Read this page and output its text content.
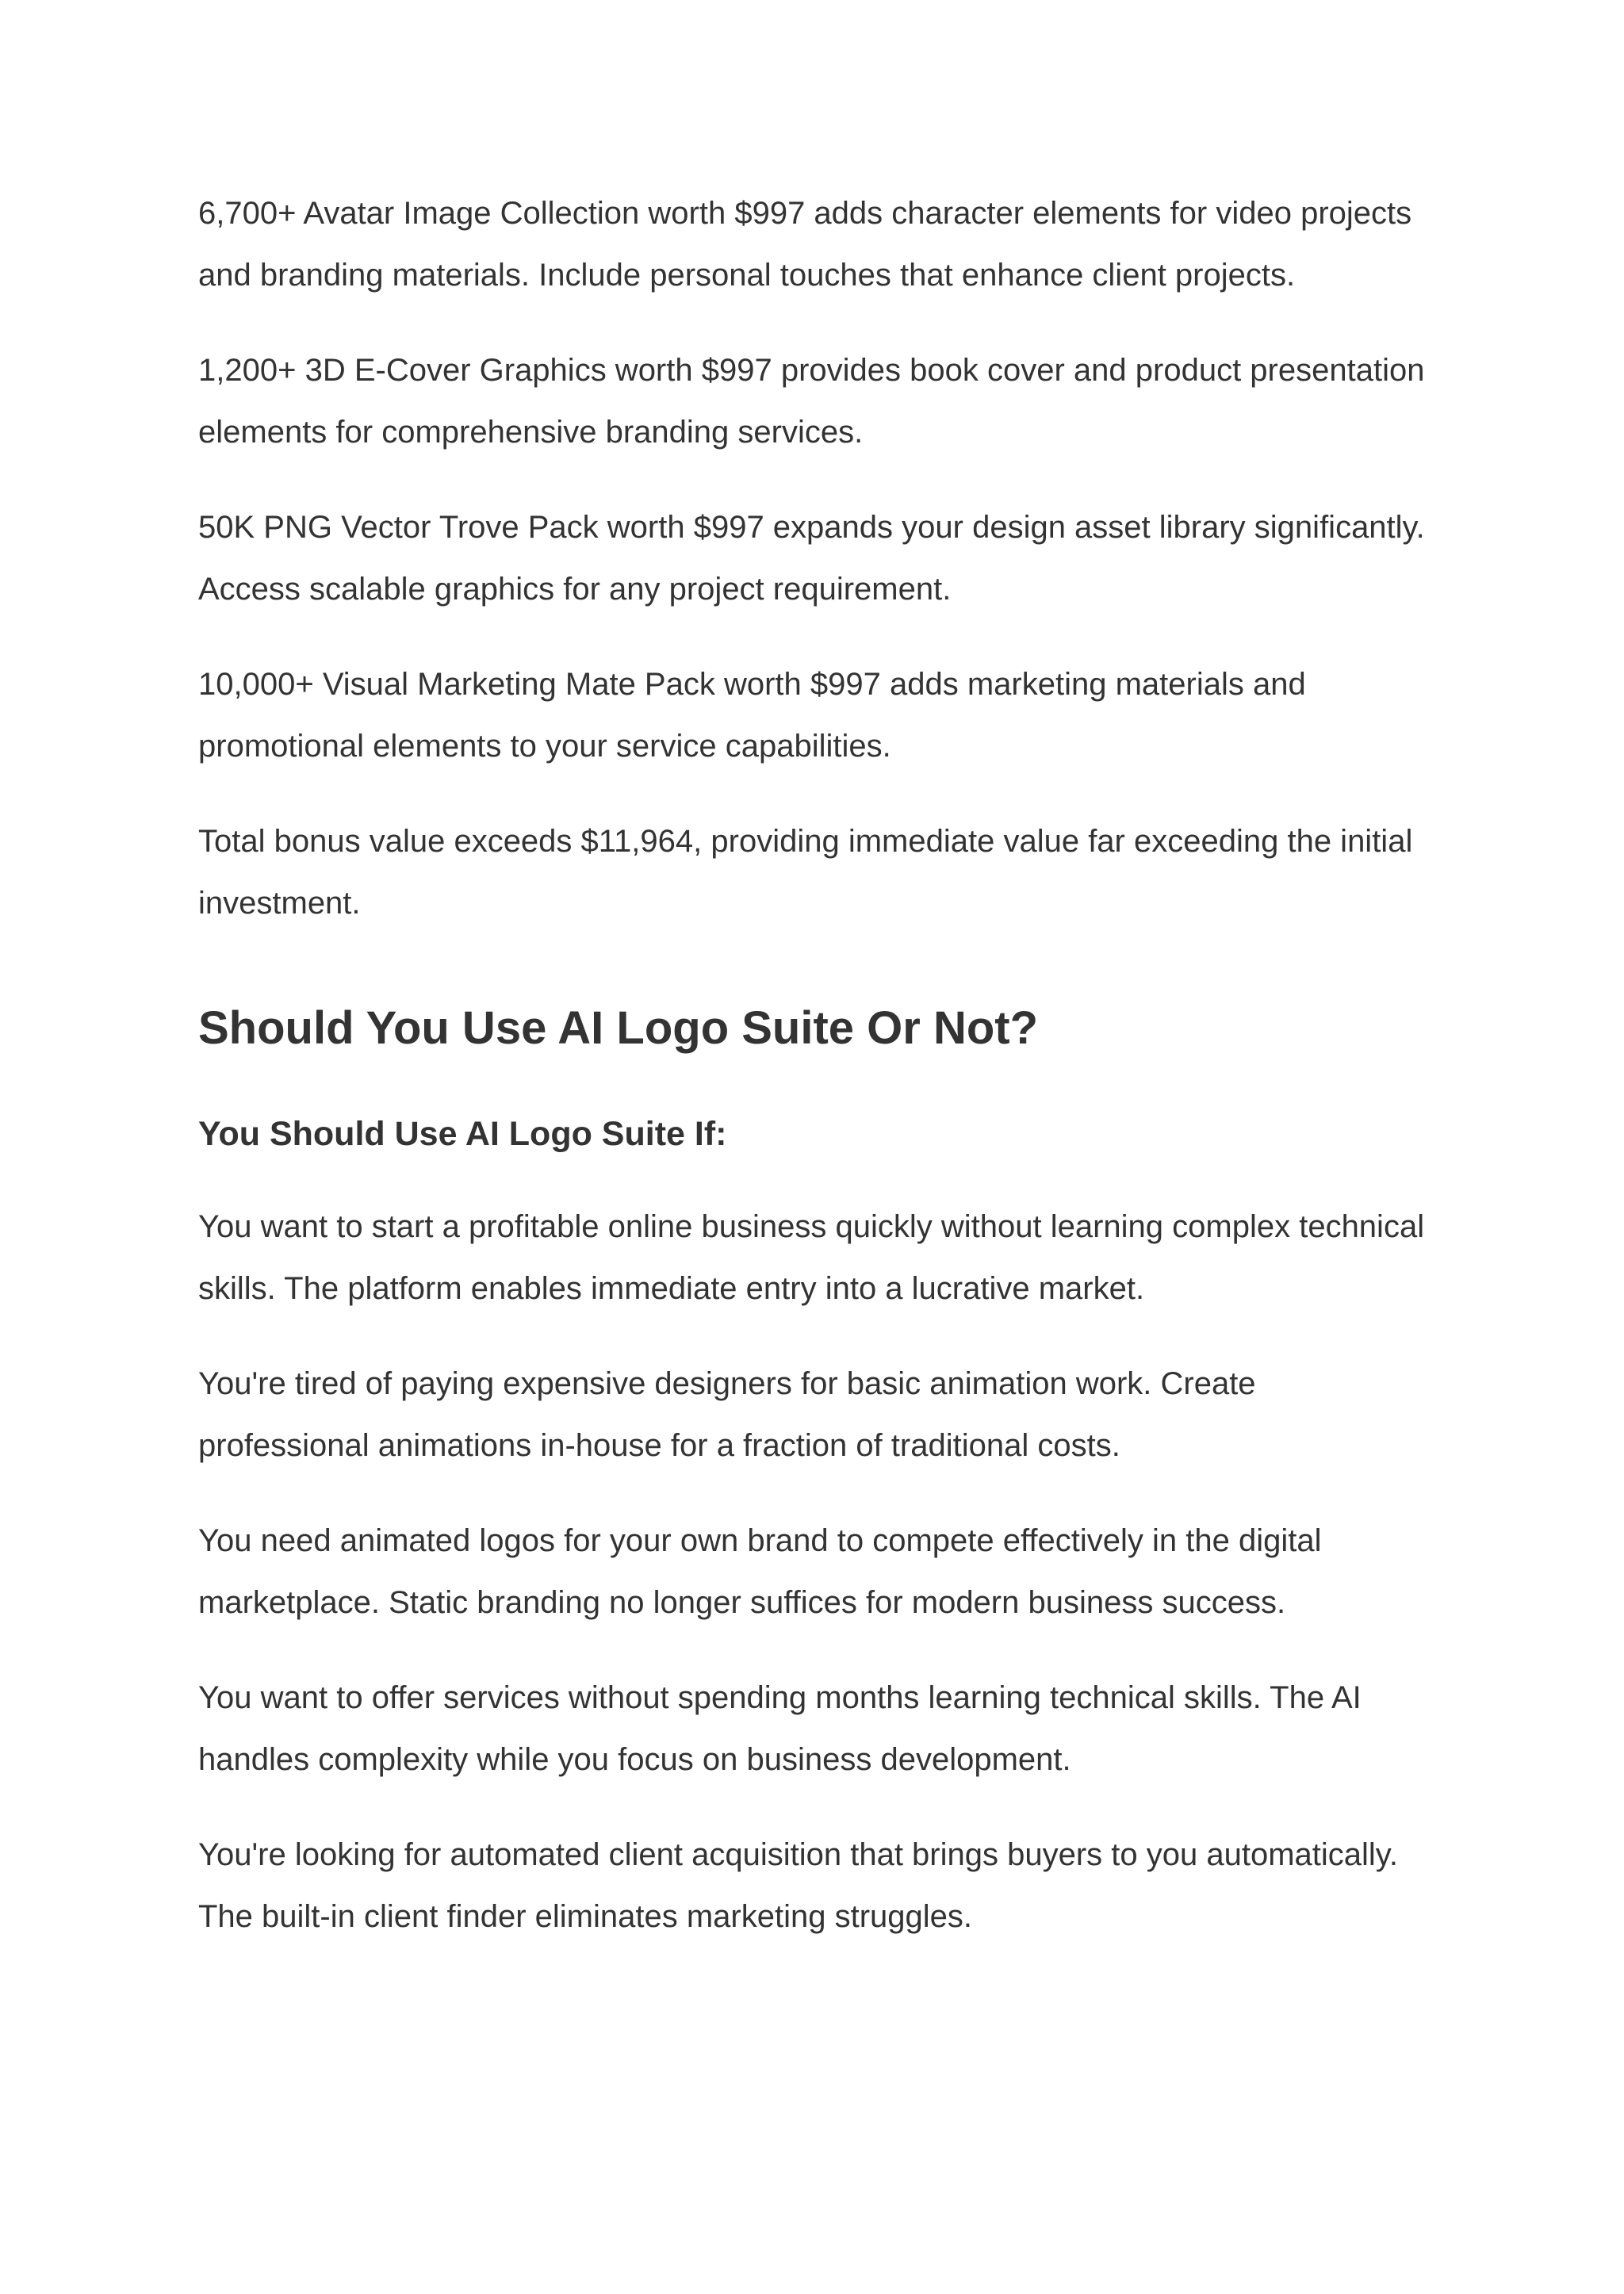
6,700+ Avatar Image Collection worth $997 adds character elements for video projects and branding materials. Include personal touches that enhance client projects.

1,200+ 3D E-Cover Graphics worth $997 provides book cover and product presentation elements for comprehensive branding services.

50K PNG Vector Trove Pack worth $997 expands your design asset library significantly. Access scalable graphics for any project requirement.

10,000+ Visual Marketing Mate Pack worth $997 adds marketing materials and promotional elements to your service capabilities.

Total bonus value exceeds $11,964, providing immediate value far exceeding the initial investment.

Should You Use AI Logo Suite Or Not?
You Should Use AI Logo Suite If:

You want to start a profitable online business quickly without learning complex technical skills. The platform enables immediate entry into a lucrative market.

You're tired of paying expensive designers for basic animation work. Create professional animations in-house for a fraction of traditional costs.

You need animated logos for your own brand to compete effectively in the digital marketplace. Static branding no longer suffices for modern business success.

You want to offer services without spending months learning technical skills. The AI handles complexity while you focus on business development.

You're looking for automated client acquisition that brings buyers to you automatically. The built-in client finder eliminates marketing struggles.
